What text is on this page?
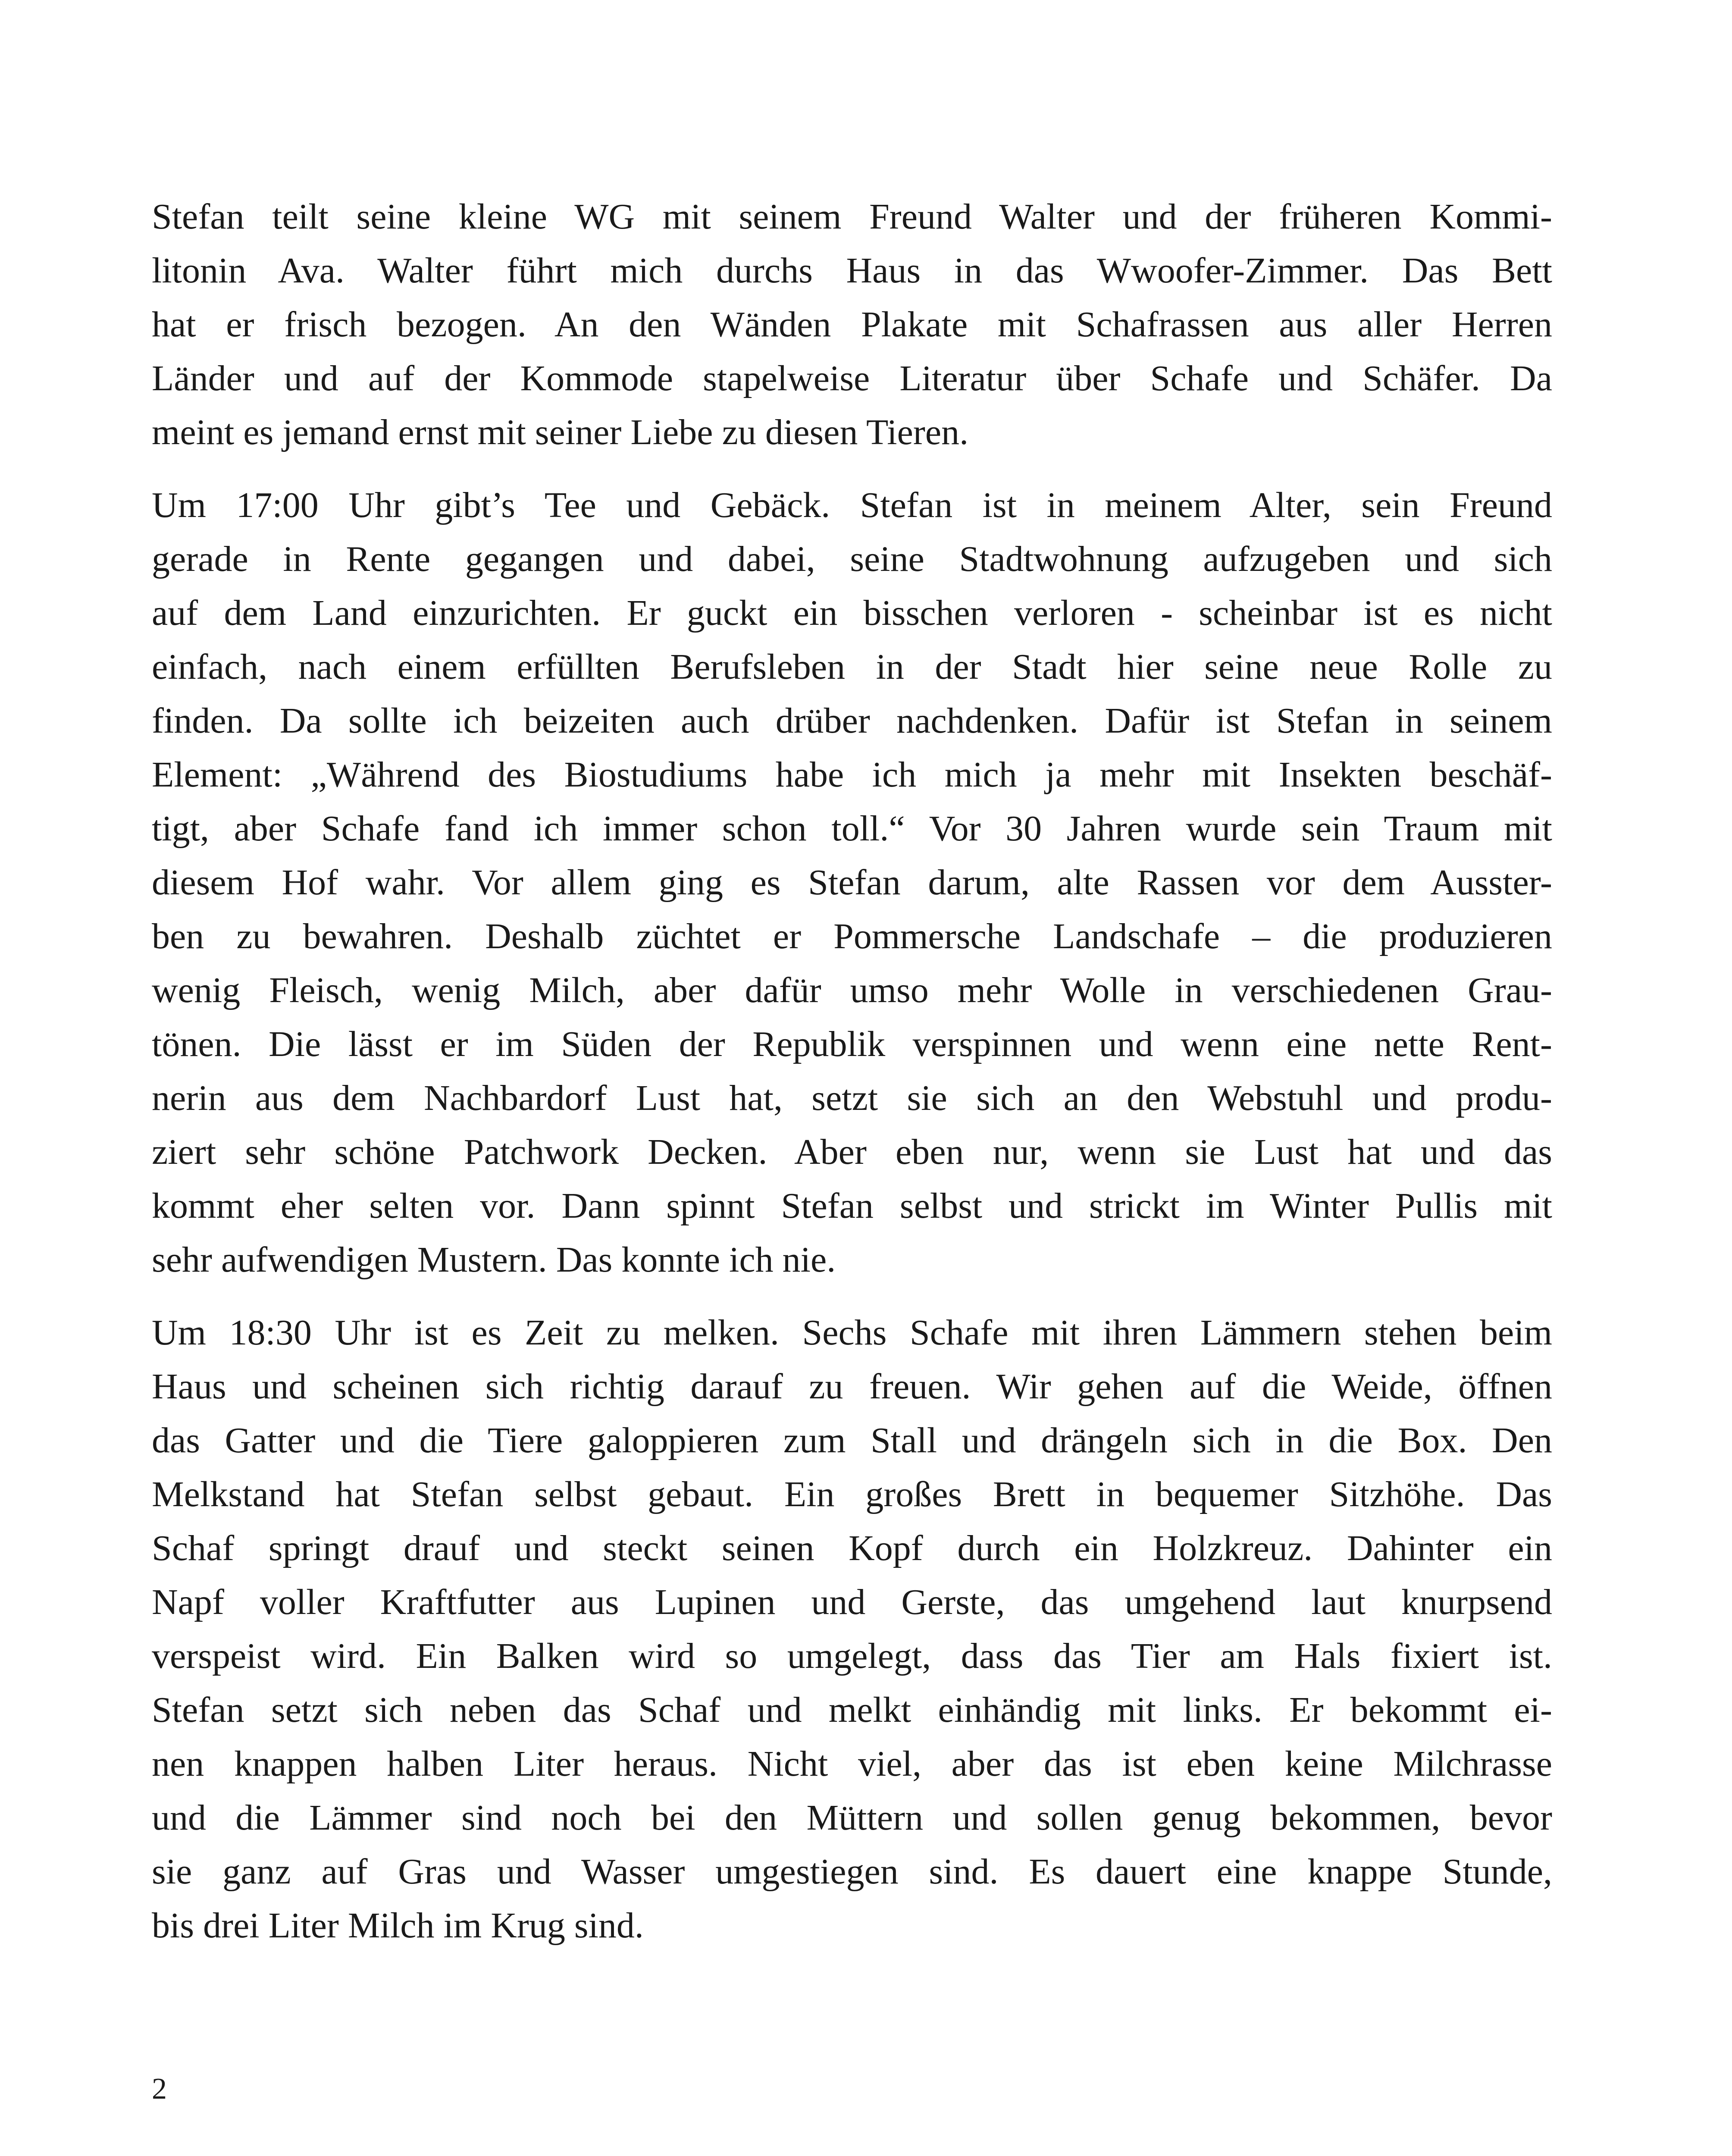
Stefan teilt seine kleine WG mit seinem Freund Walter und der früheren Kommi-
litonin Ava. Walter führt mich durchs Haus in das Wwoofer-Zimmer. Das Bett
hat er frisch bezogen. An den Wänden Plakate mit Schafrassen aus aller Herren
Länder und auf der Kommode stapelweise Literatur über Schafe und Schäfer. Da
meint es jemand ernst mit seiner Liebe zu diesen Tieren.

Um 17:00 Uhr gibt’s Tee und Gebäck. Stefan ist in meinem Alter, sein Freund
gerade in Rente gegangen und dabei, seine Stadtwohnung aufzugeben und sich
auf dem Land einzurichten. Er guckt ein bisschen verloren - scheinbar ist es nicht
einfach, nach einem erfüllten Berufsleben in der Stadt hier seine neue Rolle zu
finden. Da sollte ich beizeiten auch drüber nachdenken. Dafür ist Stefan in seinem
Element: „Während des Biostudiums habe ich mich ja mehr mit Insekten beschäf-
tigt, aber Schafe fand ich immer schon toll.“ Vor 30 Jahren wurde sein Traum mit
diesem Hof wahr. Vor allem ging es Stefan darum, alte Rassen vor dem Ausster-
ben zu bewahren. Deshalb züchtet er Pommersche Landschafe – die produzieren
wenig Fleisch, wenig Milch, aber dafür umso mehr Wolle in verschiedenen Grau-
tönen. Die lässt er im Süden der Republik verspinnen und wenn eine nette Rent-
nerin aus dem Nachbardorf Lust hat, setzt sie sich an den Webstuhl und produ-
ziert sehr schöne Patchwork Decken. Aber eben nur, wenn sie Lust hat und das
kommt eher selten vor. Dann spinnt Stefan selbst und strickt im Winter Pullis mit
sehr aufwendigen Mustern. Das konnte ich nie.

Um 18:30 Uhr ist es Zeit zu melken. Sechs Schafe mit ihren Lämmern stehen beim
Haus und scheinen sich richtig darauf zu freuen. Wir gehen auf die Weide, öffnen
das Gatter und die Tiere galoppieren zum Stall und drängeln sich in die Box. Den
Melkstand hat Stefan selbst gebaut. Ein großes Brett in bequemer Sitzhöhe. Das
Schaf springt drauf und steckt seinen Kopf durch ein Holzkreuz. Dahinter ein
Napf voller Kraftfutter aus Lupinen und Gerste, das umgehend laut knurpsend
verspeist wird. Ein Balken wird so umgelegt, dass das Tier am Hals fixiert ist.
Stefan setzt sich neben das Schaf und melkt einhändig mit links. Er bekommt ei-
nen knappen halben Liter heraus. Nicht viel, aber das ist eben keine Milchrasse
und die Lämmer sind noch bei den Müttern und sollen genug bekommen, bevor
sie ganz auf Gras und Wasser umgestiegen sind. Es dauert eine knappe Stunde,
bis drei Liter Milch im Krug sind.

2
